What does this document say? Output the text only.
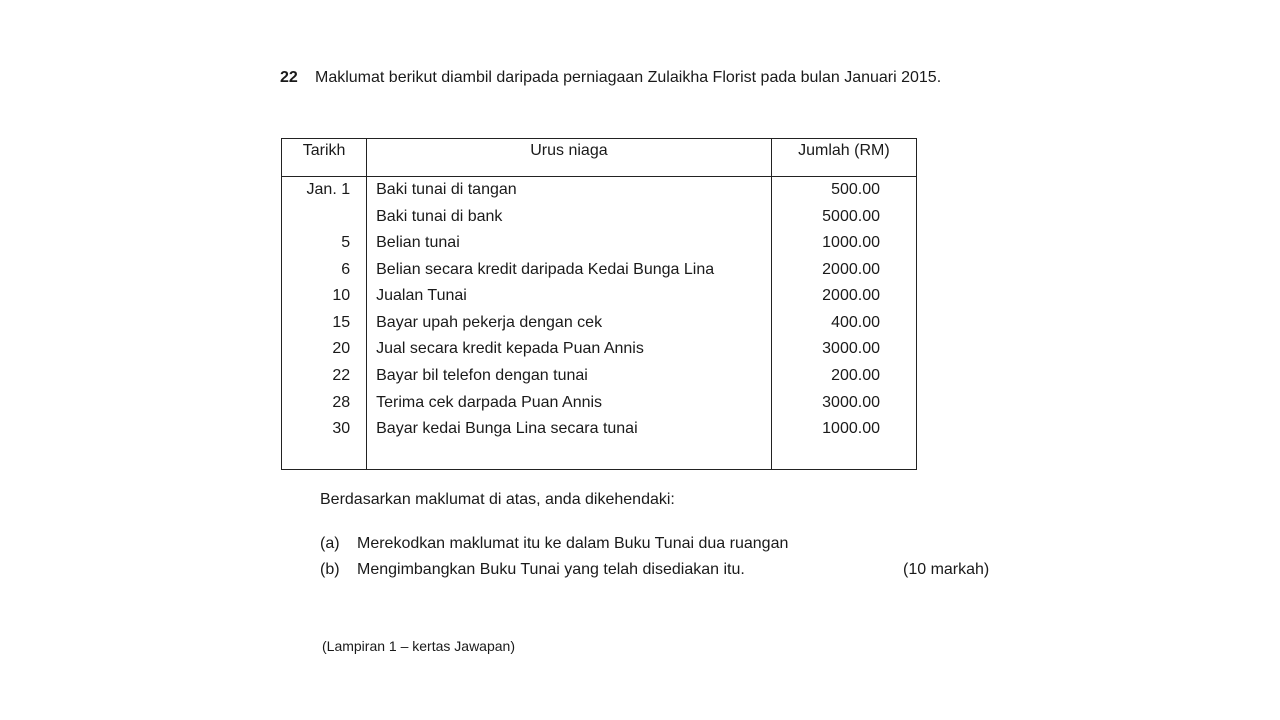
22 Maklumat berikut diambil daripada perniagaan Zulaikha Florist pada bulan Januari 2015.
Tarikh	Urus niaga	Jumlah (RM)
Jan. 1	Baki tunai di tangan	500.00
	Baki tunai di bank	5000.00
5	Belian tunai	1000.00
6	Belian secara kredit daripada Kedai Bunga Lina	2000.00
10	Jualan Tunai	2000.00
15	Bayar upah pekerja dengan cek	400.00
20	Jual secara kredit kepada Puan Annis	3000.00
22	Bayar bil telefon dengan tunai	200.00
28	Terima cek darpada Puan Annis	3000.00
30	Bayar kedai Bunga Lina secara tunai	1000.00

Berdasarkan maklumat di atas, anda dikehendaki:
(a) Merekodkan maklumat itu ke dalam Buku Tunai dua ruangan
(b) Mengimbangkan Buku Tunai yang telah disediakan itu.	(10 markah)
(Lampiran 1 – kertas Jawapan)
